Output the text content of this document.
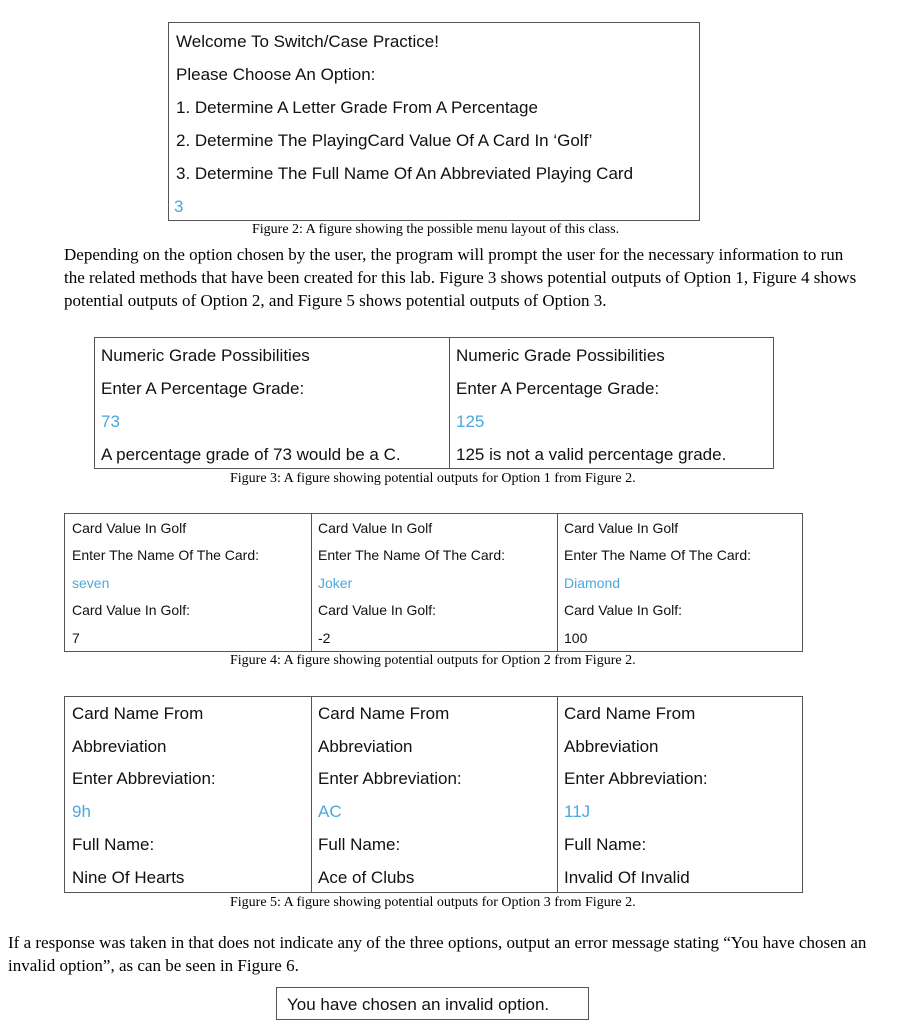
Welcome To Switch/Case Practice!
Please Choose An Option:
1. Determine A Letter Grade From A Percentage
2. Determine The PlayingCard Value Of A Card In ‘Golf’
3. Determine The Full Name Of An Abbreviated Playing Card
3
Figure 2: A figure showing the possible menu layout of this class.
Depending on the option chosen by the user, the program will prompt the user for the necessary information to run the related methods that have been created for this lab. Figure 3 shows potential outputs of Option 1, Figure 4 shows potential outputs of Option 2, and Figure 5 shows potential outputs of Option 3.
Numeric Grade Possibilities
Enter A Percentage Grade:
73
A percentage grade of 73 would be a C.
Numeric Grade Possibilities
Enter A Percentage Grade:
125
125 is not a valid percentage grade.
Figure 3: A figure showing potential outputs for Option 1 from Figure 2.
Card Value In Golf
Enter The Name Of The Card:
seven
Card Value In Golf:
7
Card Value In Golf
Enter The Name Of The Card:
Joker
Card Value In Golf:
-2
Card Value In Golf
Enter The Name Of The Card:
Diamond
Card Value In Golf:
100
Figure 4: A figure showing potential outputs for Option 2 from Figure 2.
Card Name From
Abbreviation
Enter Abbreviation:
9h
Full Name:
Nine Of Hearts
Card Name From
Abbreviation
Enter Abbreviation:
AC
Full Name:
Ace of Clubs
Card Name From
Abbreviation
Enter Abbreviation:
11J
Full Name:
Invalid Of Invalid
Figure 5: A figure showing potential outputs for Option 3 from Figure 2.
If a response was taken in that does not indicate any of the three options, output an error message stating “You have chosen an invalid option”, as can be seen in Figure 6.
You have chosen an invalid option.
